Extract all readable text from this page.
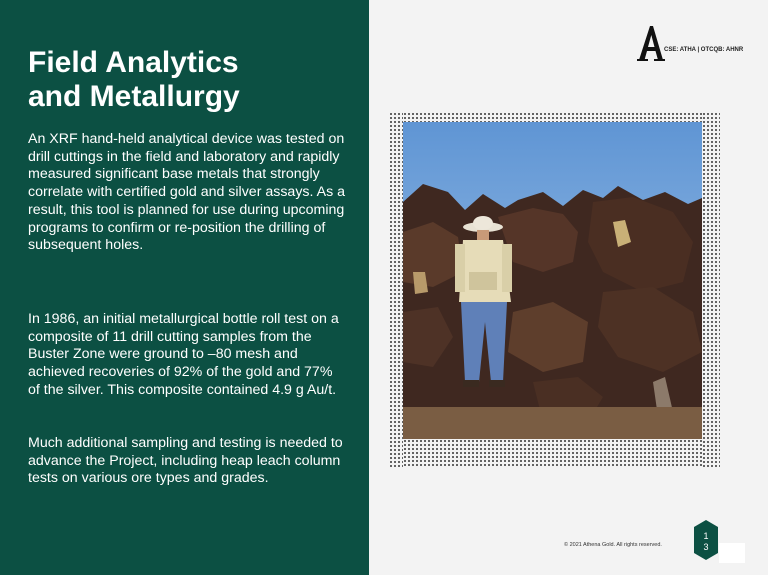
Field Analytics
and Metallurgy

An XRF hand-held analytical device was tested on drill cuttings in the field and laboratory and rapidly measured significant base metals that strongly correlate with certified gold and silver assays. As a result, this tool is planned for use during upcoming programs to confirm or re-position the drilling of subsequent holes.

In 1986, an initial metallurgical bottle roll test on a composite of 11 drill cutting samples from the Buster Zone were ground to –80 mesh and achieved recoveries of 92% of the gold and 77% of the silver. This composite contained 4.9 g Au/t.

Much additional sampling and testing is needed to advance the Project, including heap leach column tests on various ore types and grades.

CSE: ATHA | OTCQB: AHNR
© 2021 Athena Gold. All rights reserved.
1
3
